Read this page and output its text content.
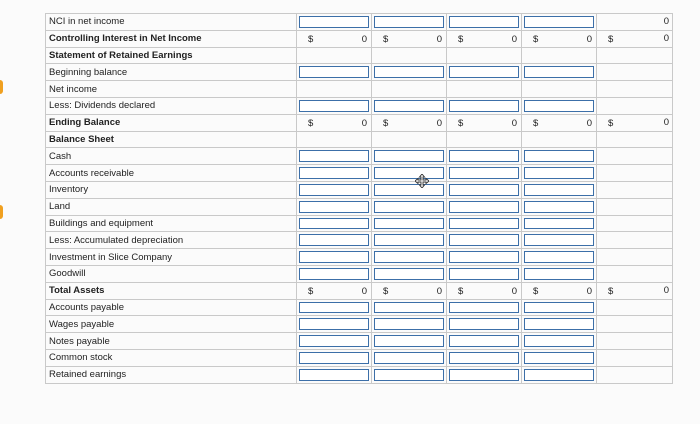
NCI in net income					0
Controlling Interest in Net Income	$ 0	$ 0	$ 0	$ 0	$ 0
Statement of Retained Earnings					
Beginning balance	

Net income					
Less: Dividends declared	

Ending Balance	$ 0	$ 0	$ 0	$ 0	$ 0
Balance Sheet					
Cash	

Accounts receivable	

Inventory	

Land	

Buildings and equipment	

Less: Accumulated depreciation	

Investment in Slice Company	

Goodwill	

Total Assets	$ 0	$ 0	$ 0	$ 0	$ 0
Accounts payable	

Wages payable	

Notes payable	

Common stock	

Retained earnings	
